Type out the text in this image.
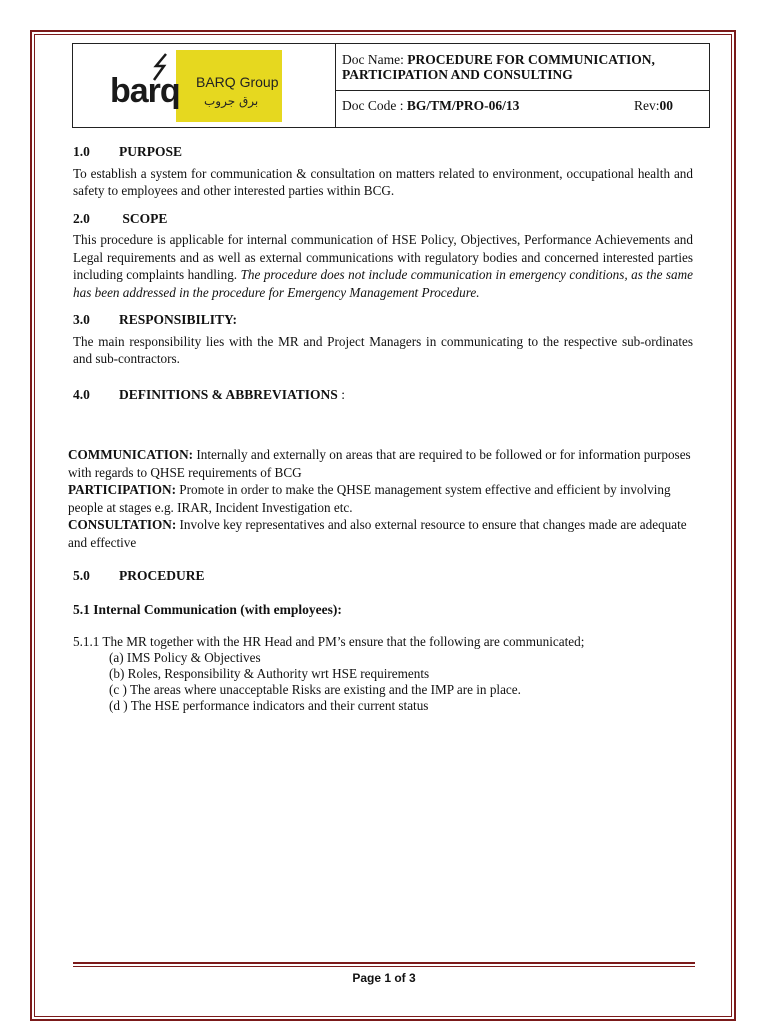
barq BARQ Group
برق جروب
Doc Name: PROCEDURE FOR COMMUNICATION,
PARTICIPATION AND CONSULTING
Doc Code : BG/TM/PRO-06/13	Rev:00

1.0 PURPOSE

To establish a system for communication & consultation on matters related to environment, occupational health and safety to employees and other interested parties within BCG.

2.0 SCOPE

This procedure is applicable for internal communication of HSE Policy, Objectives, Performance Achievements and Legal requirements and as well as external communications with regulatory bodies and concerned interested parties including complaints handling. The procedure does not include communication in emergency conditions, as the same has been addressed in the procedure for Emergency Management Procedure.

3.0 RESPONSIBILITY:

The main responsibility lies with the MR and Project Managers in communicating to the respective sub-ordinates and sub-contractors.

4.0 DEFINITIONS & ABBREVIATIONS :

COMMUNICATION: Internally and externally on areas that are required to be followed or for information purposes with regards to QHSE requirements of BCG

PARTICIPATION: Promote in order to make the QHSE management system effective and efficient by involving people at stages e.g. IRAR, Incident Investigation etc.

CONSULTATION: Involve key representatives and also external resource to ensure that changes made are adequate and effective

5.0 PROCEDURE

5.1 Internal Communication (with employees):

5.1.1 The MR together with the HR Head and PM’s ensure that the following are communicated;

(a) IMS Policy & Objectives
(b) Roles, Responsibility & Authority wrt HSE requirements
(c ) The areas where unacceptable Risks are existing and the IMP are in place.
(d ) The HSE performance indicators and their current status
Page 1 of 3
